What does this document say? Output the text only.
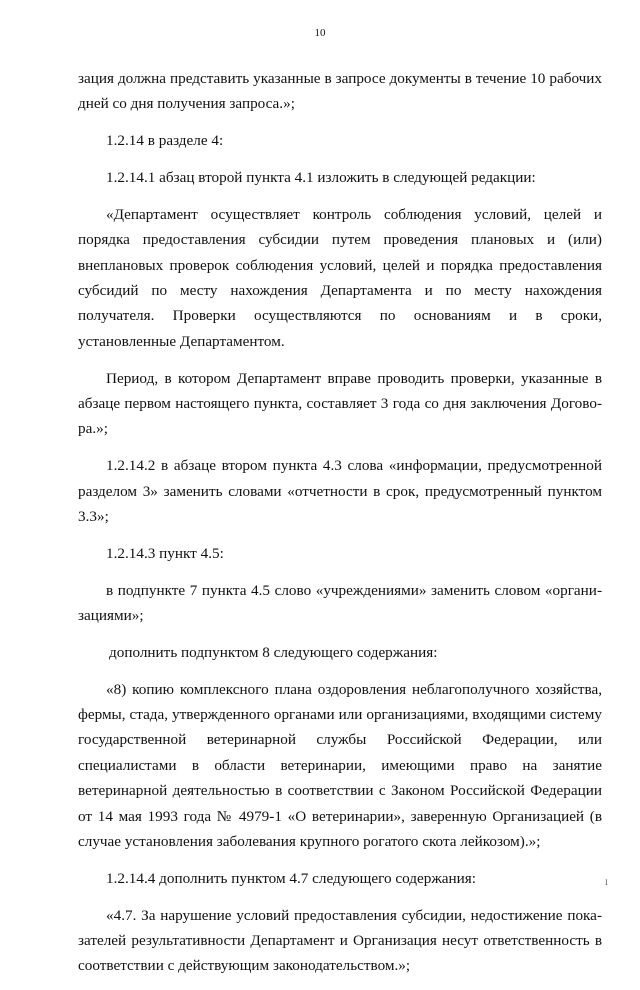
10

зация должна представить указанные в запросе документы в течение 10 рабочих дней со дня получения запроса.»;

1.2.14 в разделе 4:

1.2.14.1 абзац второй пункта 4.1 изложить в следующей редакции:

«Департамент осуществляет контроль соблюдения условий, целей и порядка предоставления субсидии путем проведения плановых и (или) внеплановых проверок соблюдения условий, целей и порядка предоставления субсидий по месту нахождения Департамента и по месту нахождения получателя. Проверки осуществляются по основаниям и в сроки, установленные Департаментом.

Период, в котором Департамент вправе проводить проверки, указанные в абзаце первом настоящего пункта, составляет 3 года со дня заключения Договора.»;

1.2.14.2 в абзаце втором пункта 4.3 слова «информации, предусмотренной разделом 3» заменить словами «отчетности в срок, предусмотренный пунктом 3.3»;

1.2.14.3 пункт 4.5:

в подпункте 7 пункта 4.5 слово «учреждениями» заменить словом «организациями»;

дополнить подпунктом 8 следующего содержания:

«8) копию комплексного плана оздоровления неблагополучного хозяйства, фермы, стада, утвержденного органами или организациями, входящими систему государственной ветеринарной службы Российской Федерации, или специалистами в области ветеринарии, имеющими право на занятие ветеринарной деятельностью в соответствии с Законом Российской Федерации от 14 мая 1993 года № 4979-1 «О ветеринарии», заверенную Организацией (в случае установления заболевания крупного рогатого скота лейкозом).»;

1.2.14.4 дополнить пунктом 4.7 следующего содержания:

«4.7. За нарушение условий предоставления субсидии, недостижение показателей результативности Департамент и Организация несут ответственность в соответствии с действующим законодательством.»;

I
